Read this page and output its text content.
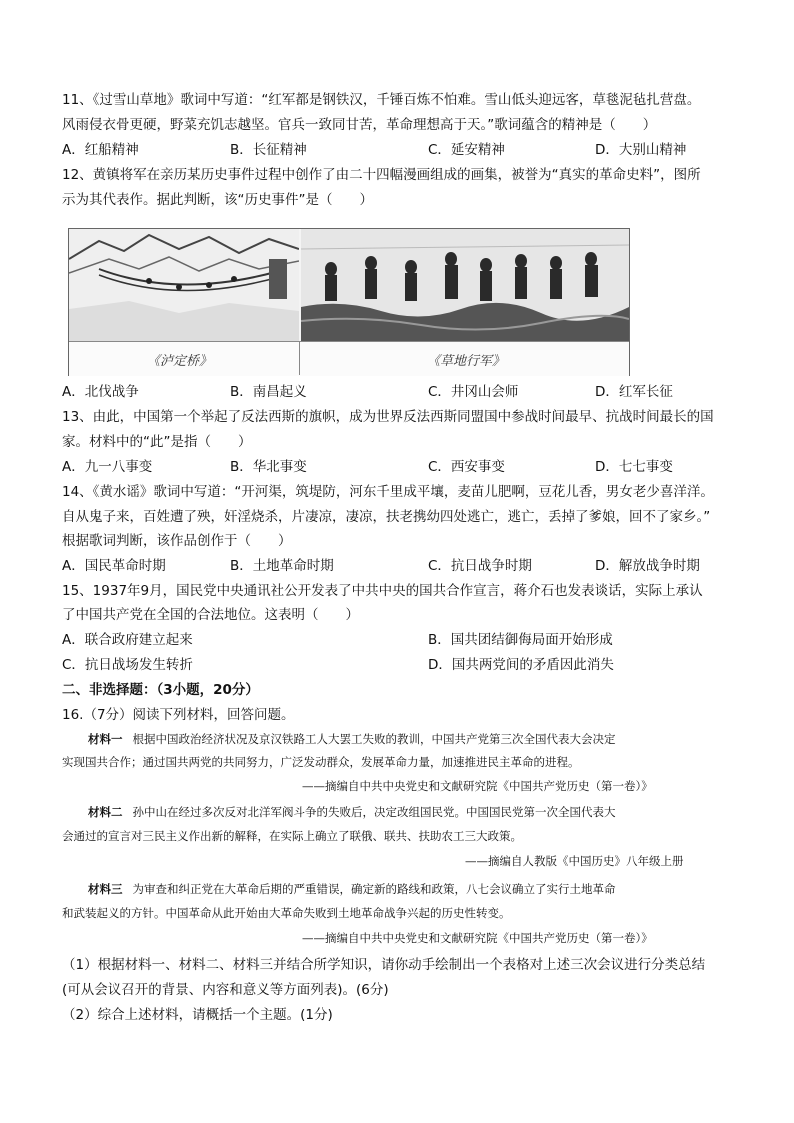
11、《过雪山草地》歌词中写道：“红军都是钢铁汉，千锤百炼不怕难。雪山低头迎远客，草毯泥毡扎营盘。
风雨侵衣骨更硬，野菜充饥志越坚。官兵一致同甘苦，革命理想高于天。”歌词蕴含的精神是（　　）
A．红船精神	B．长征精神	C．延安精神	D．大别山精神
12、黄镇将军在亲历某历史事件过程中创作了由二十四幅漫画组成的画集，被誉为“真实的革命史料”，图所
示为其代表作。据此判断，该“历史事件”是（　　）
《泸定桥》	《草地行军》
A．北伐战争	B．南昌起义	C．井冈山会师	D．红军长征
13、由此，中国第一个举起了反法西斯的旗帜，成为世界反法西斯同盟国中参战时间最早、抗战时间最长的国
家。材料中的“此”是指（　　）
A．九一八事变	B．华北事变	C．西安事变	D．七七事变
14、《黄水谣》歌词中写道：“开河渠，筑堤防，河东千里成平壤，麦苗儿肥啊，豆花儿香，男女老少喜洋洋。
自从鬼子来，百姓遭了殃，奸淫烧杀，片凄凉，凄凉，扶老携幼四处逃亡，逃亡，丢掉了爹娘，回不了家乡。”
根据歌词判断，该作品创作于（　　）
A．国民革命时期	B．土地革命时期	C．抗日战争时期	D．解放战争时期
15、1937年9月，国民党中央通讯社公开发表了中共中央的国共合作宣言，蒋介石也发表谈话，实际上承认
了中国共产党在全国的合法地位。这表明（　　）
A．联合政府建立起来	B．国共团结御侮局面开始形成
C．抗日战场发生转折	D．国共两党间的矛盾因此消失
二、非选择题：（3小题，20分）
16.（7分）阅读下列材料，回答问题。
材料一 根据中国政治经济状况及京汉铁路工人大罢工失败的教训，中国共产党第三次全国代表大会决定
实现国共合作；通过国共两党的共同努力，广泛发动群众，发展革命力量，加速推进民主革命的进程。
——摘编自中共中央党史和文献研究院《中国共产党历史（第一卷）》
材料二 孙中山在经过多次反对北洋军阀斗争的失败后，决定改组国民党。中国国民党第一次全国代表大
会通过的宣言对三民主义作出新的解释，在实际上确立了联俄、联共、扶助农工三大政策。
——摘编自人教版《中国历史》八年级上册
材料三 为审查和纠正党在大革命后期的严重错误，确定新的路线和政策，八七会议确立了实行土地革命
和武装起义的方针。中国革命从此开始由大革命失败到土地革命战争兴起的历史性转变。
——摘编自中共中央党史和文献研究院《中国共产党历史（第一卷）》
（1）根据材料一、材料二、材料三并结合所学知识，请你动手绘制出一个表格对上述三次会议进行分类总结
(可从会议召开的背景、内容和意义等方面列表)。(6分)
（2）综合上述材料，请概括一个主题。(1分)
